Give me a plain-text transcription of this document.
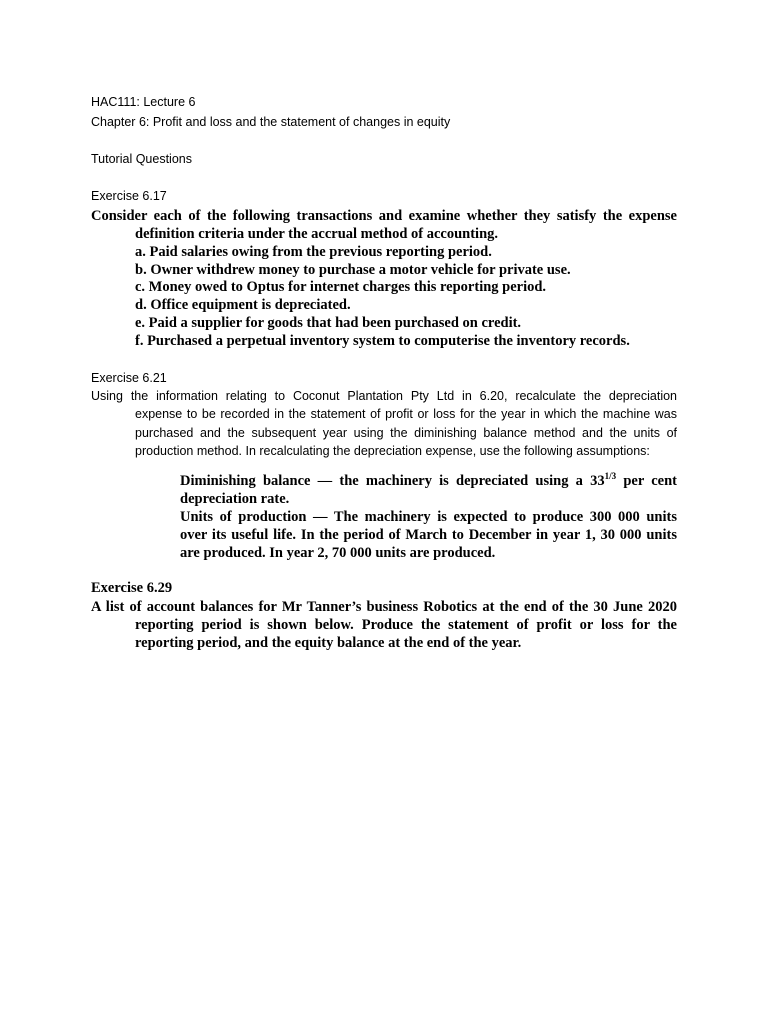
HAC111: Lecture 6
Chapter 6: Profit and loss and the statement of changes in equity
Tutorial Questions
Exercise 6.17
Consider each of the following transactions and examine whether they satisfy the expense
definition criteria under the accrual method of accounting.
a. Paid salaries owing from the previous reporting period.
b. Owner withdrew money to purchase a motor vehicle for private use.
c. Money owed to Optus for internet charges this reporting period.
d. Office equipment is depreciated.
e. Paid a supplier for goods that had been purchased on credit.
f. Purchased a perpetual inventory system to computerise the inventory records.
Exercise 6.21
Using the information relating to Coconut Plantation Pty Ltd in 6.20, recalculate the depreciation
expense to be recorded in the statement of profit or loss for the year in which the machine was
purchased and the subsequent year using the diminishing balance method and the units of
production method. In recalculating the depreciation expense, use the following assumptions:
Diminishing balance — the machinery is depreciated using a $33^{1/3}$ per cent
depreciation rate.
Units of production — The machinery is expected to produce 300 000 units
over its useful life. In the period of March to December in year 1, 30 000 units
are produced. In year 2, 70 000 units are produced.
Exercise 6.29
A list of account balances for Mr Tanner’s business Robotics at the end of the 30 June 2020
reporting period is shown below. Produce the statement of profit or loss for the
reporting period, and the equity balance at the end of the year.
